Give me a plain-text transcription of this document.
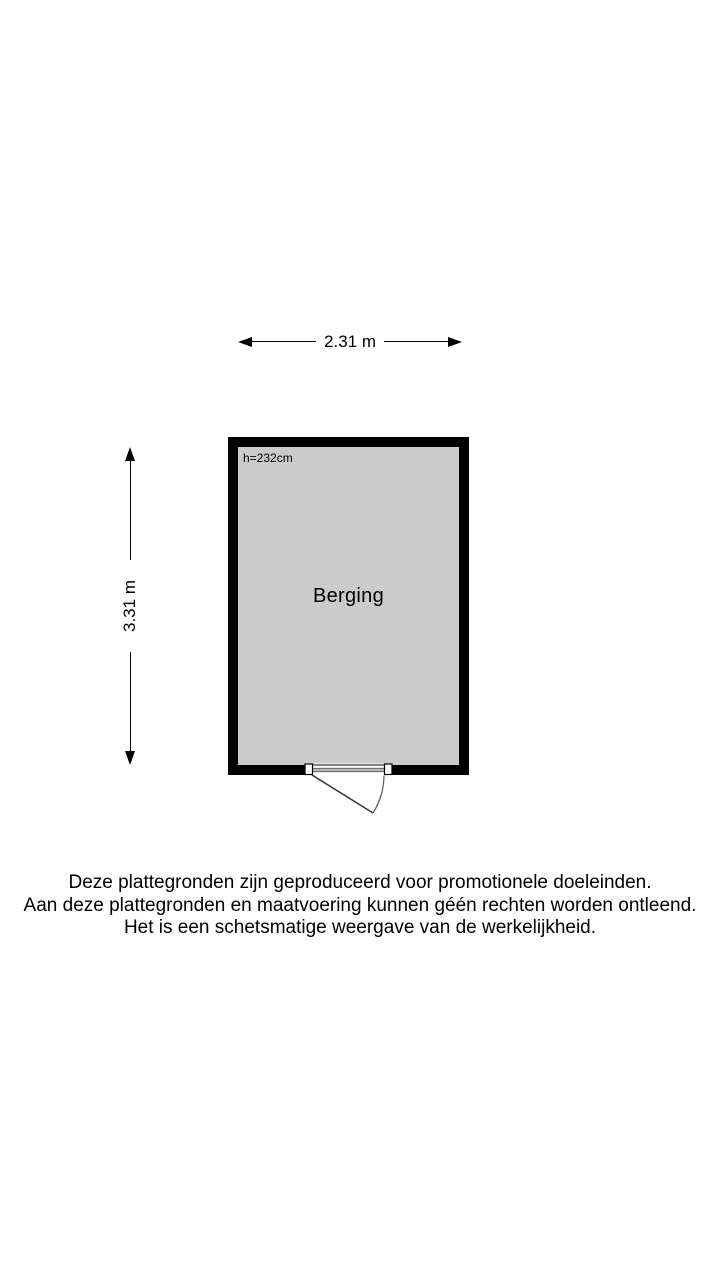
2.31 m
3.31 m
h=232cm
Berging
Deze plattegronden zijn geproduceerd voor promotionele doeleinden.
Aan deze plattegronden en maatvoering kunnen géén rechten worden ontleend.
Het is een schetsmatige weergave van de werkelijkheid.
